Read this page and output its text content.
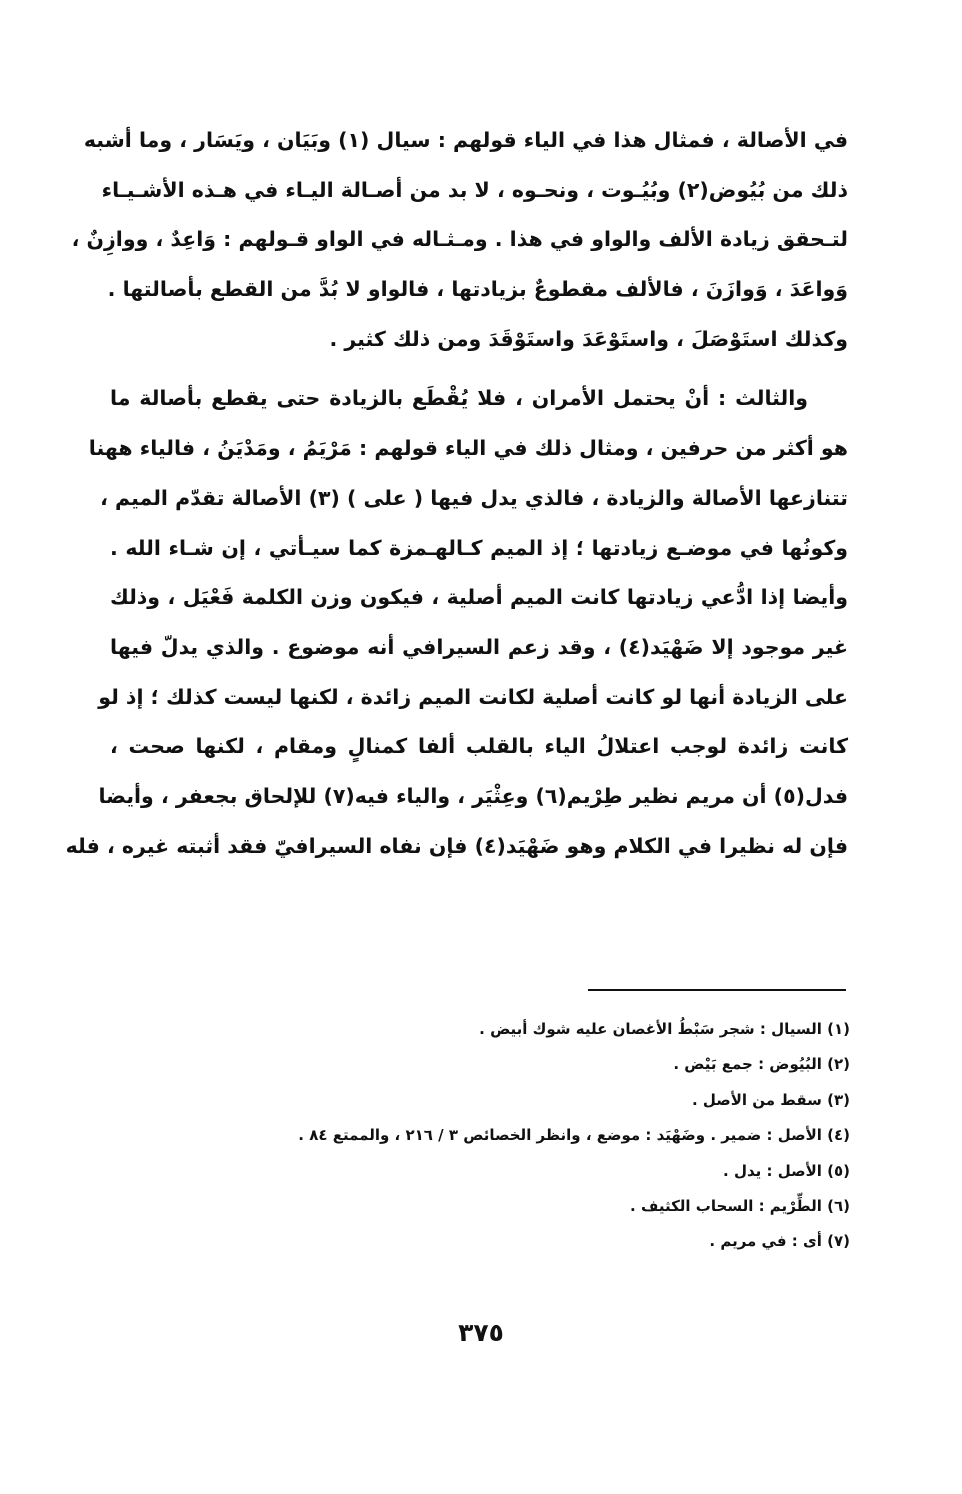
في الأصالة ، فمثال هذا في الياء قولهم : سيال (١) وبَيَان ، ويَسَار ، وما أشبه
ذلك من بُيُوض(٢) وبُيُـوت ، ونحـوه ، لا بد من أصـالة اليـاء في هـذه الأشـيـاء
لتـحقق زيادة الألف والواو في هذا . ومـثـاله في الواو قـولهم : وَاعِدٌ ، ووازِنٌ ،
وَواعَدَ ، وَوازَنَ ، فالألف مقطوعٌ بزيادتها ، فالواو لا بُدَّ من القطع بأصالتها .
وكذلك استَوْصَلَ ، واستَوْعَدَ واستَوْقَدَ ومن ذلك كثير .
والثالث : أنْ يحتمل الأمران ، فلا يُقْطَع بالزيادة حتى يقطع بأصالة ما
هو أكثر من حرفين ، ومثال ذلك في الياء قولهم : مَرْيَمُ ، ومَدْيَنُ ، فالياء ههنا
تتنازعها الأصالة والزيادة ، فالذي يدل فيها ( على ) (٣) الأصالة تقدّم الميم ،
وكونُها في موضـع زيادتها ؛ إذ الميم كـالهـمزة كما سيـأتي ، إن شـاء الله .
وأيضا إذا ادُّعي زيادتها كانت الميم أصلية ، فيكون وزن الكلمة فَعْيَل ، وذلك
غير موجود إلا ضَهْيَد(٤) ، وقد زعم السيرافي أنه موضوع . والذي يدلّ فيها
على الزيادة أنها لو كانت أصلية لكانت الميم زائدة ، لكنها ليست كذلك ؛ إذ لو
كانت زائدة لوجب اعتلالُ الياء بالقلب ألفا كمنالٍ ومقام ، لكنها صحت ،
فدل(٥) أن مريم نظير طِرْيم(٦) وعِثْيَر ، والياء فيه(٧) للإلحاق بجعفر ، وأيضا
فإن له نظيرا في الكلام وهو ضَهْيَد(٤) فإن نفاه السيرافيّ فقد أثبته غيره ، فله
(١) السيال : شجر سَبْطُ الأغصان عليه شوك أبيض .
(٢) البُيُوض : جمع بَيْض .
(٣) سقط من الأصل .
(٤) الأصل : ضمير . وضَهْيَد : موضع ، وانظر الخصائص ٣ / ٢١٦ ، والممتع ٨٤ .
(٥) الأصل : يدل .
(٦) الطِّرْيم : السحاب الكثيف .
(٧) أى : في مريم .
٣٧٥
